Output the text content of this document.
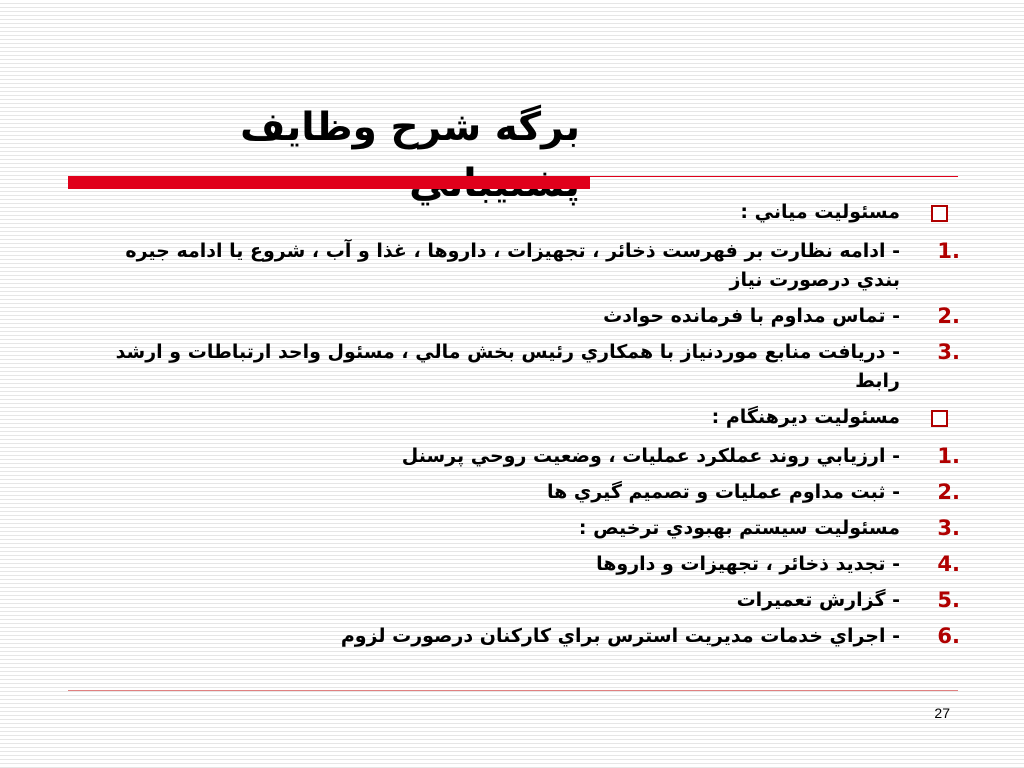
برگه شرح وظايف
مسئوليت مياني :
1.
- ادامه نظارت بر فهرست ذخائر ، تجهيزات ، داروها ، غذا و آب ، شروع يا ادامه جيره بندي درصورت نياز
2.
- تماس مداوم با فرمانده حوادث
3.
- دريافت منابع موردنياز با همكاري رئيس بخش مالي ، مسئول واحد ارتباطات و ارشد رابط
مسئوليت ديرهنگام :
1.
- ارزيابي روند عملكرد عمليات ، وضعيت روحي پرسنل
2.
- ثبت مداوم عمليات و تصميم گيري ها
3.
مسئوليت سيستم بهبودي ترخيص :
4.
- تجديد ذخائر ، تجهيزات و داروها
5.
- گزارش تعميرات
6.
- اجراي خدمات مديريت استرس براي كاركنان درصورت لزوم
27
